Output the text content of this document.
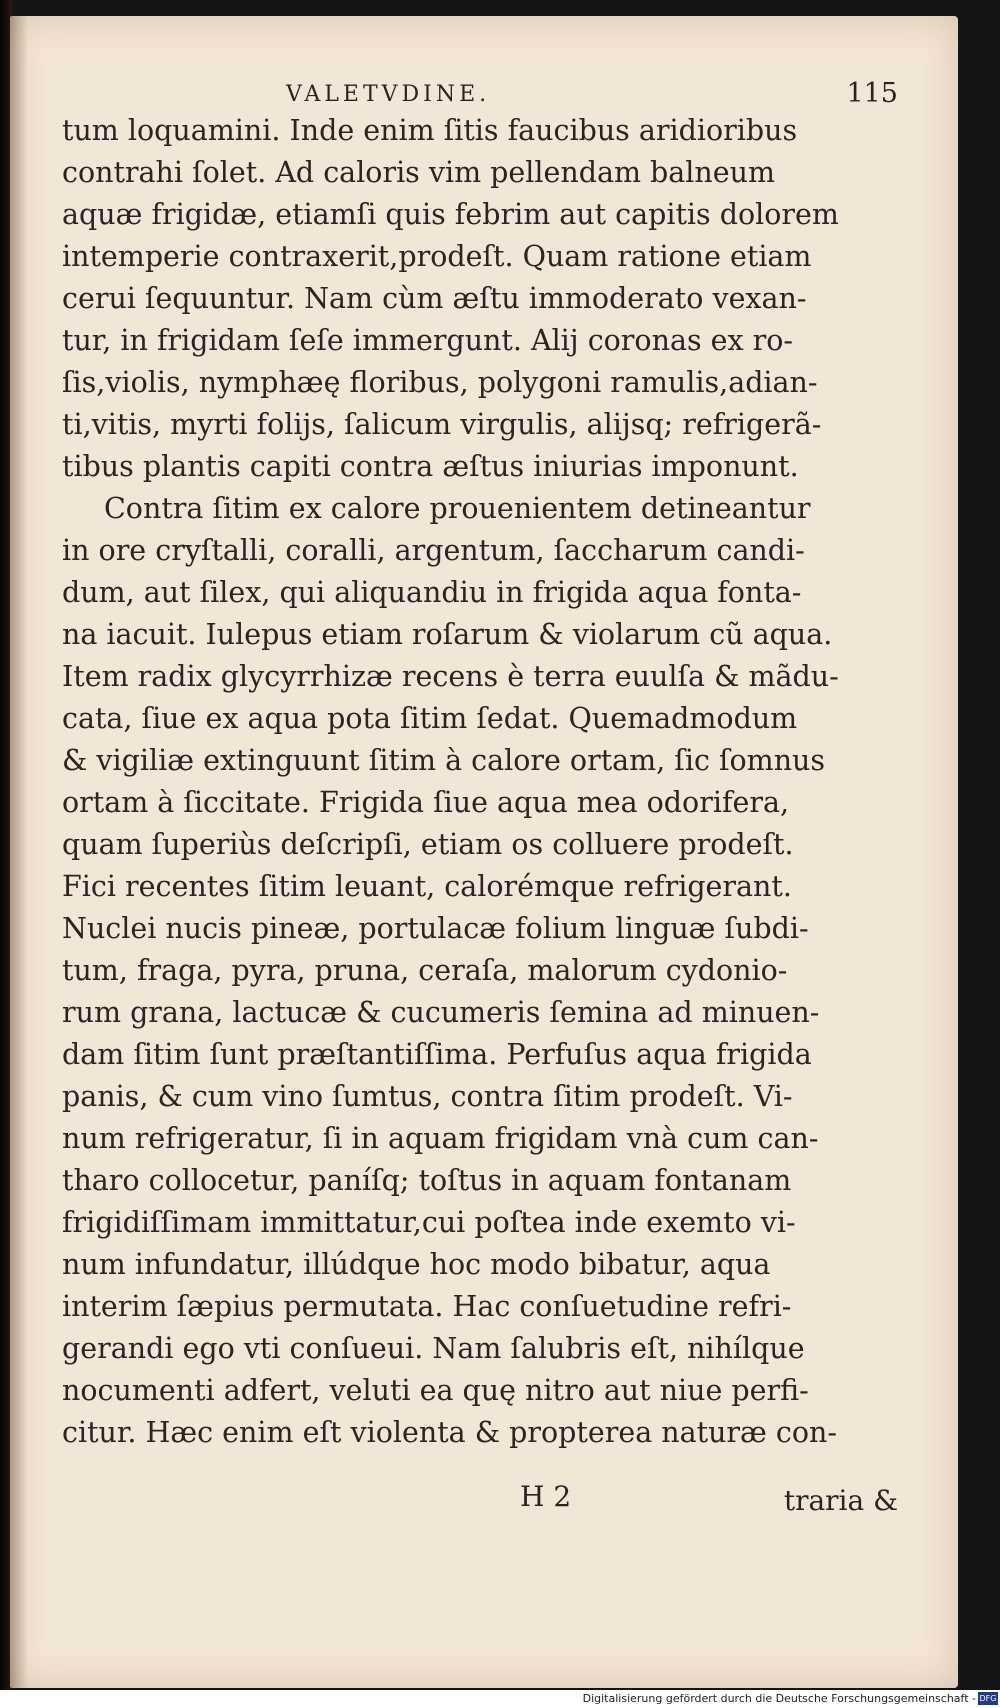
VALETVDINE.	115
tum loquamini. Inde enim ſitis faucibus aridioribus
contrahi ſolet. Ad caloris vim pellendam balneum
aquæ frigidæ, etiamſi quis febrim aut capitis dolorem
intemperie contraxerit,prodeſt. Quam ratione etiam
cerui ſequuntur. Nam cùm æſtu immoderato vexan-
tur, in frigidam ſeſe immergunt. Alij coronas ex ro-
ſis,violis, nymphæę floribus, polygoni ramulis,adian-
ti,vitis, myrti folijs, ſalicum virgulis, alijsq; refrigerã-
tibus plantis capiti contra æſtus iniurias imponunt.
Contra ſitim ex calore prouenientem detineantur
in ore cryſtalli, coralli, argentum, ſaccharum candi-
dum, aut ſilex, qui aliquandiu in frigida aqua fonta-
na iacuit. Iulepus etiam roſarum & violarum cũ aqua.
Item radix glycyrrhizæ recens è terra euulſa & mãdu-
cata, ſiue ex aqua pota ſitim ſedat. Quemadmodum
& vigiliæ extinguunt ſitim à calore ortam, ſic ſomnus
ortam à ſiccitate. Frigida ſiue aqua mea odorifera,
quam ſuperiùs deſcripſi, etiam os colluere prodeſt.
Fici recentes ſitim leuant, calorémque refrigerant.
Nuclei nucis pineæ, portulacæ folium linguæ ſubdi-
tum, fraga, pyra, pruna, ceraſa, malorum cydonio-
rum grana, lactucæ & cucumeris ſemina ad minuen-
dam ſitim ſunt præſtantiſſima. Perfuſus aqua frigida
panis, & cum vino ſumtus, contra ſitim prodeſt. Vi-
num refrigeratur, ſi in aquam frigidam vnà cum can-
tharo collocetur, paníſq; toſtus in aquam fontanam
frigidiſſimam immittatur,cui poſtea inde exemto vi-
num infundatur, illúdque hoc modo bibatur, aqua
interim ſæpius permutata. Hac conſuetudine refri-
gerandi ego vti conſueui. Nam ſalubris eſt, nihílque
nocumenti adfert, veluti ea quę nitro aut niue perfi-
citur. Hæc enim eſt violenta & propterea naturæ con-
H 2	traria &
Digitalisierung gefördert durch die Deutsche Forschungsgemeinschaft - DFG
